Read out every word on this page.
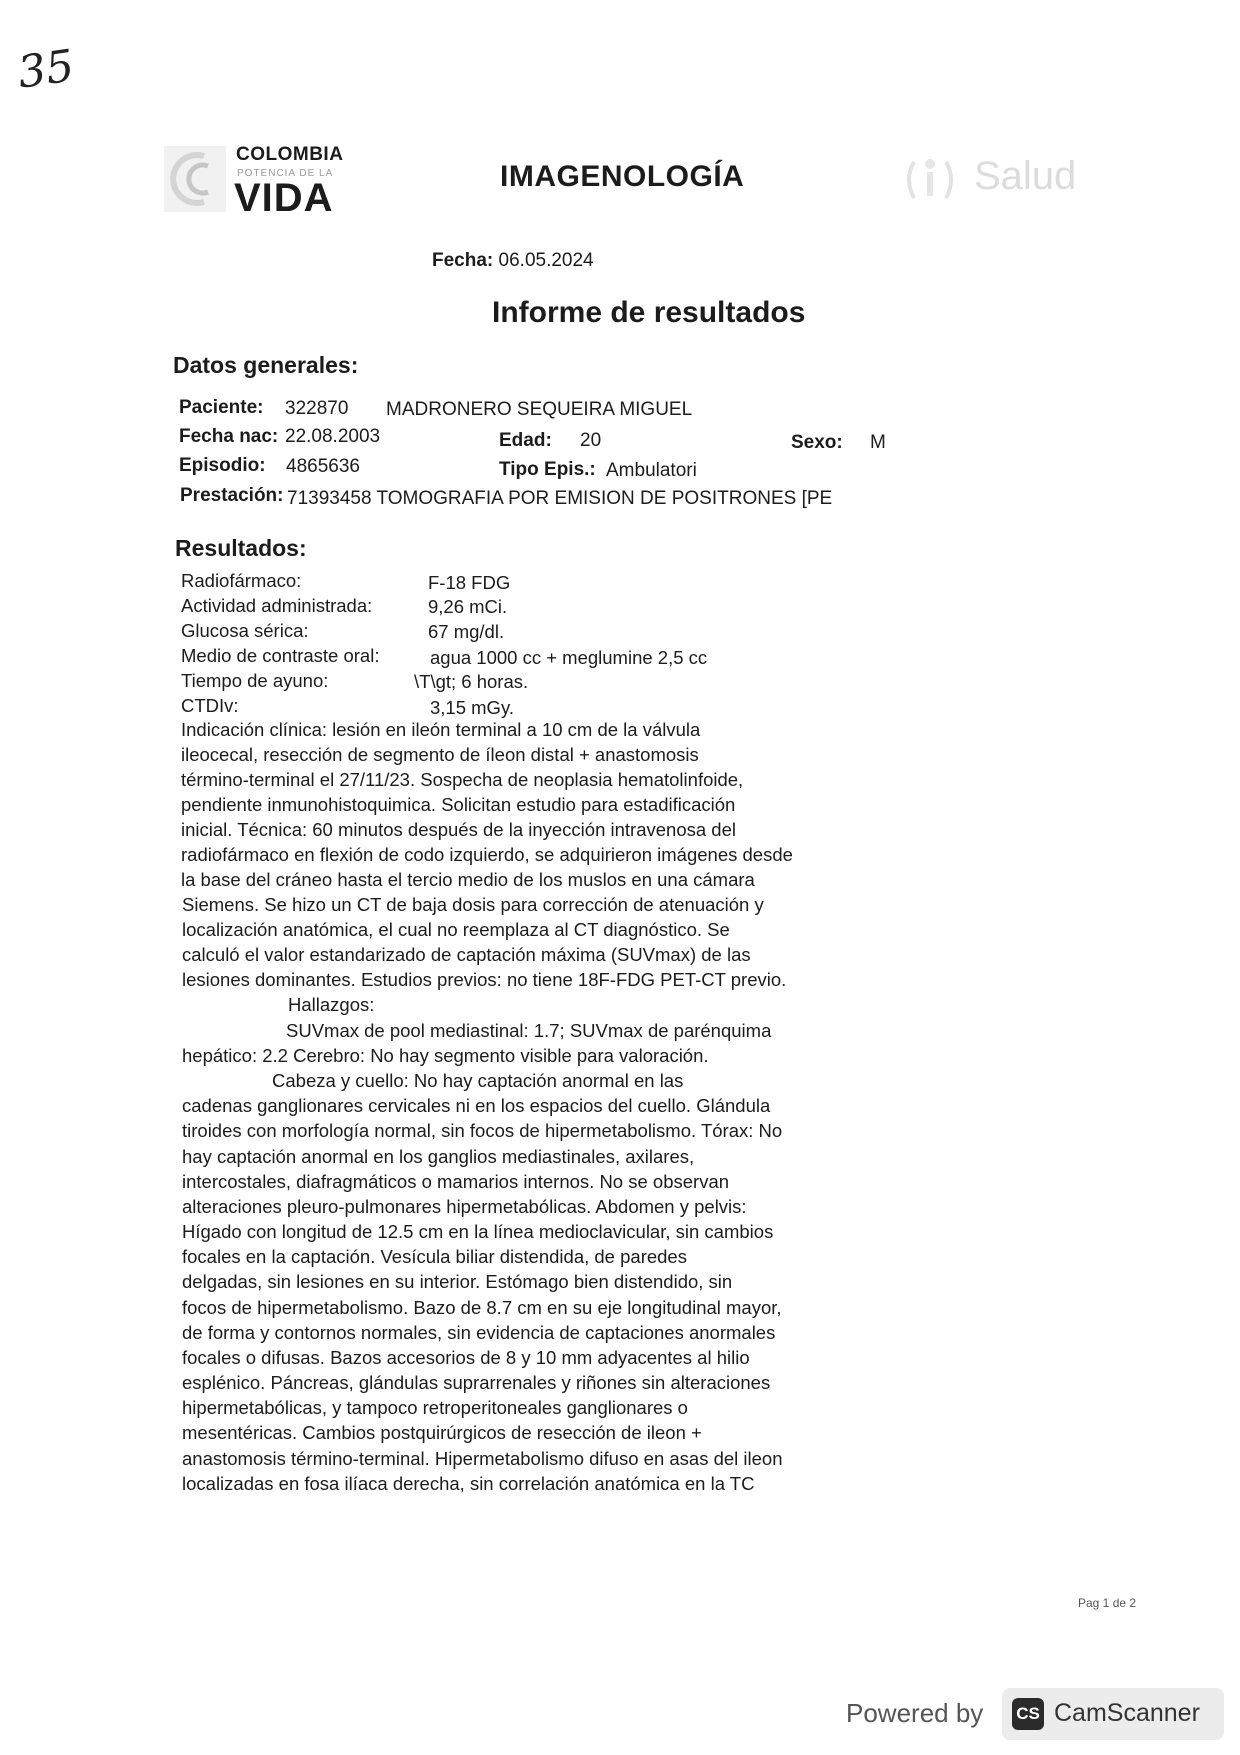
35
COLOMBIA
POTENCIA DE LA
VIDA	Salud
IMAGENOLOGÍA
Fecha: 06.05.2024
Informe de resultados
Datos generales:
Paciente: 322870 MADRONERO SEQUEIRA MIGUEL
Fecha nac: 22.08.2003	Edad: 20	Sexo: M
Episodio: 4865636	Tipo Epis.: Ambulatori
Prestación: 71393458 TOMOGRAFIA POR EMISION DE POSITRONES [PE
Resultados:
Radiofármaco:	F-18 FDG
Actividad administrada:	9,26 mCi.
Glucosa sérica:	67 mg/dl.
Medio de contraste oral:	agua 1000 cc + meglumine 2,5 cc
Tiempo de ayuno:	\T\gt; 6 horas.
CTDIv:	3,15 mGy.
Indicación clínica: lesión en ileón terminal a 10 cm de la válvula
ileocecal, resección de segmento de íleon distal + anastomosis
término-terminal el 27/11/23. Sospecha de neoplasia hematolinfoide,
pendiente inmunohistoquimica. Solicitan estudio para estadificación
inicial. Técnica: 60 minutos después de la inyección intravenosa del
radiofármaco en flexión de codo izquierdo, se adquirieron imágenes desde
la base del cráneo hasta el tercio medio de los muslos en una cámara
Siemens. Se hizo un CT de baja dosis para corrección de atenuación y
localización anatómica, el cual no reemplaza al CT diagnóstico. Se
calculó el valor estandarizado de captación máxima (SUVmax) de las
lesiones dominantes. Estudios previos: no tiene 18F-FDG PET-CT previo.
Hallazgos:
SUVmax de pool mediastinal: 1.7; SUVmax de parénquima
hepático: 2.2 Cerebro: No hay segmento visible para valoración.
Cabeza y cuello: No hay captación anormal en las
cadenas ganglionares cervicales ni en los espacios del cuello. Glándula
tiroides con morfología normal, sin focos de hipermetabolismo. Tórax: No
hay captación anormal en los ganglios mediastinales, axilares,
intercostales, diafragmáticos o mamarios internos. No se observan
alteraciones pleuro-pulmonares hipermetabólicas. Abdomen y pelvis:
Hígado con longitud de 12.5 cm en la línea medioclavicular, sin cambios
focales en la captación. Vesícula biliar distendida, de paredes
delgadas, sin lesiones en su interior. Estómago bien distendido, sin
focos de hipermetabolismo. Bazo de 8.7 cm en su eje longitudinal mayor,
de forma y contornos normales, sin evidencia de captaciones anormales
focales o difusas. Bazos accesorios de 8 y 10 mm adyacentes al hilio
esplénico. Páncreas, glándulas suprarrenales y riñones sin alteraciones
hipermetabólicas, y tampoco retroperitoneales ganglionares o
mesentéricas. Cambios postquirúrgicos de resección de ileon +
anastomosis término-terminal. Hipermetabolismo difuso en asas del ileon
localizadas en fosa ilíaca derecha, sin correlación anatómica en la TC
Pag 1 de 2
Powered by CS CamScanner
